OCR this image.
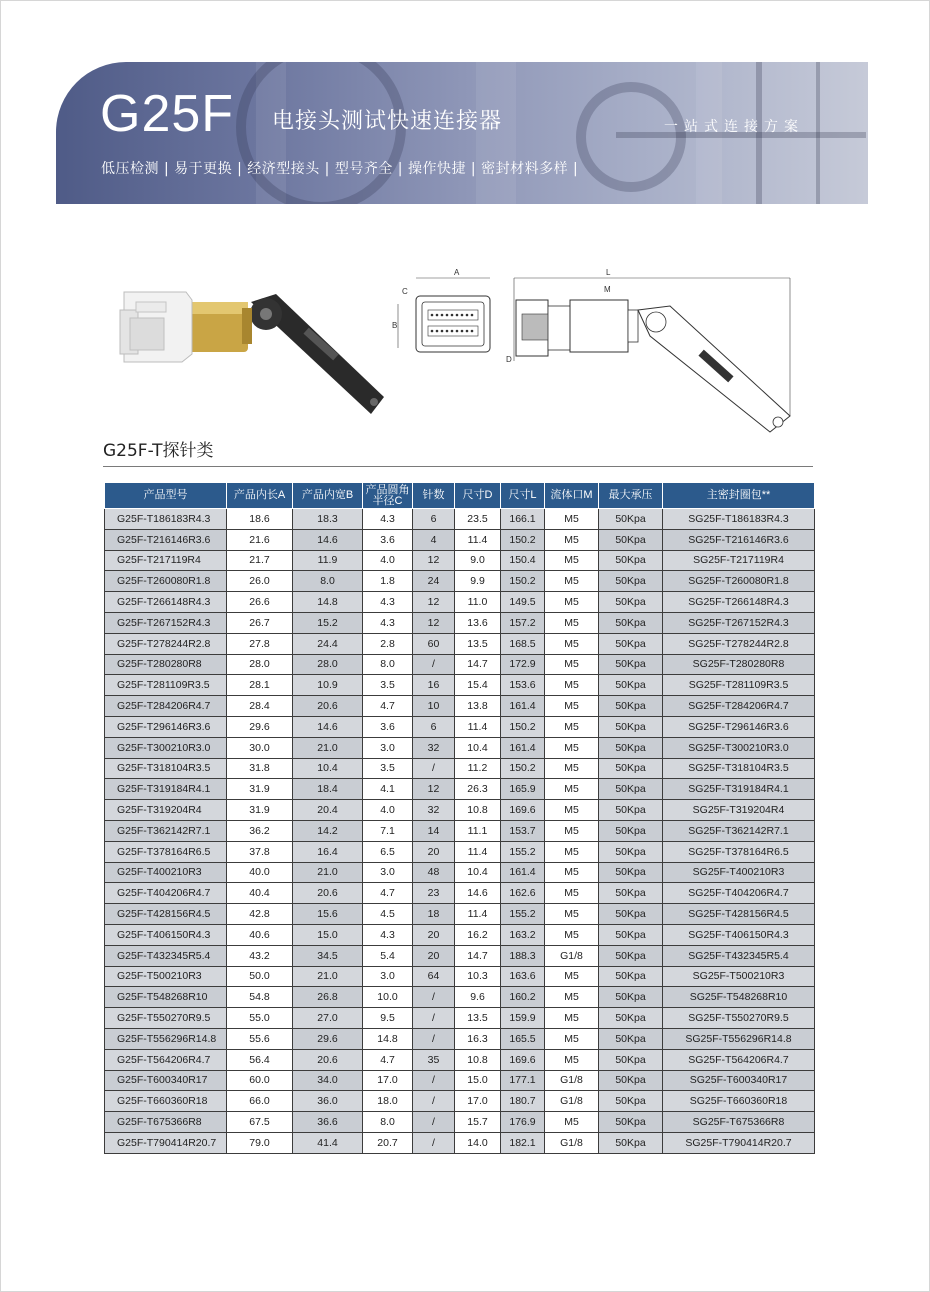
G25F 电接头测试快速连接器	一站式连接方案
低压检测 | 易于更换 | 经济型接头 | 型号齐全 | 操作快捷 | 密封材料多样 |
A
B
C
L
M
D
G25F-T探针类
产品型号	产品内长A	产品内宽B	产品圆角
半径C	针数	尺寸D	尺寸L	流体口M	最大承压	主密封圈包**
G25F-T186183R4.3	18.6	18.3	4.3	6	23.5	166.1	M5	50Kpa	SG25F-T186183R4.3
G25F-T216146R3.6	21.6	14.6	3.6	4	11.4	150.2	M5	50Kpa	SG25F-T216146R3.6
G25F-T217119R4	21.7	11.9	4.0	12	9.0	150.4	M5	50Kpa	SG25F-T217119R4
G25F-T260080R1.8	26.0	8.0	1.8	24	9.9	150.2	M5	50Kpa	SG25F-T260080R1.8
G25F-T266148R4.3	26.6	14.8	4.3	12	11.0	149.5	M5	50Kpa	SG25F-T266148R4.3
G25F-T267152R4.3	26.7	15.2	4.3	12	13.6	157.2	M5	50Kpa	SG25F-T267152R4.3
G25F-T278244R2.8	27.8	24.4	2.8	60	13.5	168.5	M5	50Kpa	SG25F-T278244R2.8
G25F-T280280R8	28.0	28.0	8.0	/	14.7	172.9	M5	50Kpa	SG25F-T280280R8
G25F-T281109R3.5	28.1	10.9	3.5	16	15.4	153.6	M5	50Kpa	SG25F-T281109R3.5
G25F-T284206R4.7	28.4	20.6	4.7	10	13.8	161.4	M5	50Kpa	SG25F-T284206R4.7
G25F-T296146R3.6	29.6	14.6	3.6	6	11.4	150.2	M5	50Kpa	SG25F-T296146R3.6
G25F-T300210R3.0	30.0	21.0	3.0	32	10.4	161.4	M5	50Kpa	SG25F-T300210R3.0
G25F-T318104R3.5	31.8	10.4	3.5	/	11.2	150.2	M5	50Kpa	SG25F-T318104R3.5
G25F-T319184R4.1	31.9	18.4	4.1	12	26.3	165.9	M5	50Kpa	SG25F-T319184R4.1
G25F-T319204R4	31.9	20.4	4.0	32	10.8	169.6	M5	50Kpa	SG25F-T319204R4
G25F-T362142R7.1	36.2	14.2	7.1	14	11.1	153.7	M5	50Kpa	SG25F-T362142R7.1
G25F-T378164R6.5	37.8	16.4	6.5	20	11.4	155.2	M5	50Kpa	SG25F-T378164R6.5
G25F-T400210R3	40.0	21.0	3.0	48	10.4	161.4	M5	50Kpa	SG25F-T400210R3
G25F-T404206R4.7	40.4	20.6	4.7	23	14.6	162.6	M5	50Kpa	SG25F-T404206R4.7
G25F-T428156R4.5	42.8	15.6	4.5	18	11.4	155.2	M5	50Kpa	SG25F-T428156R4.5
G25F-T406150R4.3	40.6	15.0	4.3	20	16.2	163.2	M5	50Kpa	SG25F-T406150R4.3
G25F-T432345R5.4	43.2	34.5	5.4	20	14.7	188.3	G1/8	50Kpa	SG25F-T432345R5.4
G25F-T500210R3	50.0	21.0	3.0	64	10.3	163.6	M5	50Kpa	SG25F-T500210R3
G25F-T548268R10	54.8	26.8	10.0	/	9.6	160.2	M5	50Kpa	SG25F-T548268R10
G25F-T550270R9.5	55.0	27.0	9.5	/	13.5	159.9	M5	50Kpa	SG25F-T550270R9.5
G25F-T556296R14.8	55.6	29.6	14.8	/	16.3	165.5	M5	50Kpa	SG25F-T556296R14.8
G25F-T564206R4.7	56.4	20.6	4.7	35	10.8	169.6	M5	50Kpa	SG25F-T564206R4.7
G25F-T600340R17	60.0	34.0	17.0	/	15.0	177.1	G1/8	50Kpa	SG25F-T600340R17
G25F-T660360R18	66.0	36.0	18.0	/	17.0	180.7	G1/8	50Kpa	SG25F-T660360R18
G25F-T675366R8	67.5	36.6	8.0	/	15.7	176.9	M5	50Kpa	SG25F-T675366R8
G25F-T790414R20.7	79.0	41.4	20.7	/	14.0	182.1	G1/8	50Kpa	SG25F-T790414R20.7
